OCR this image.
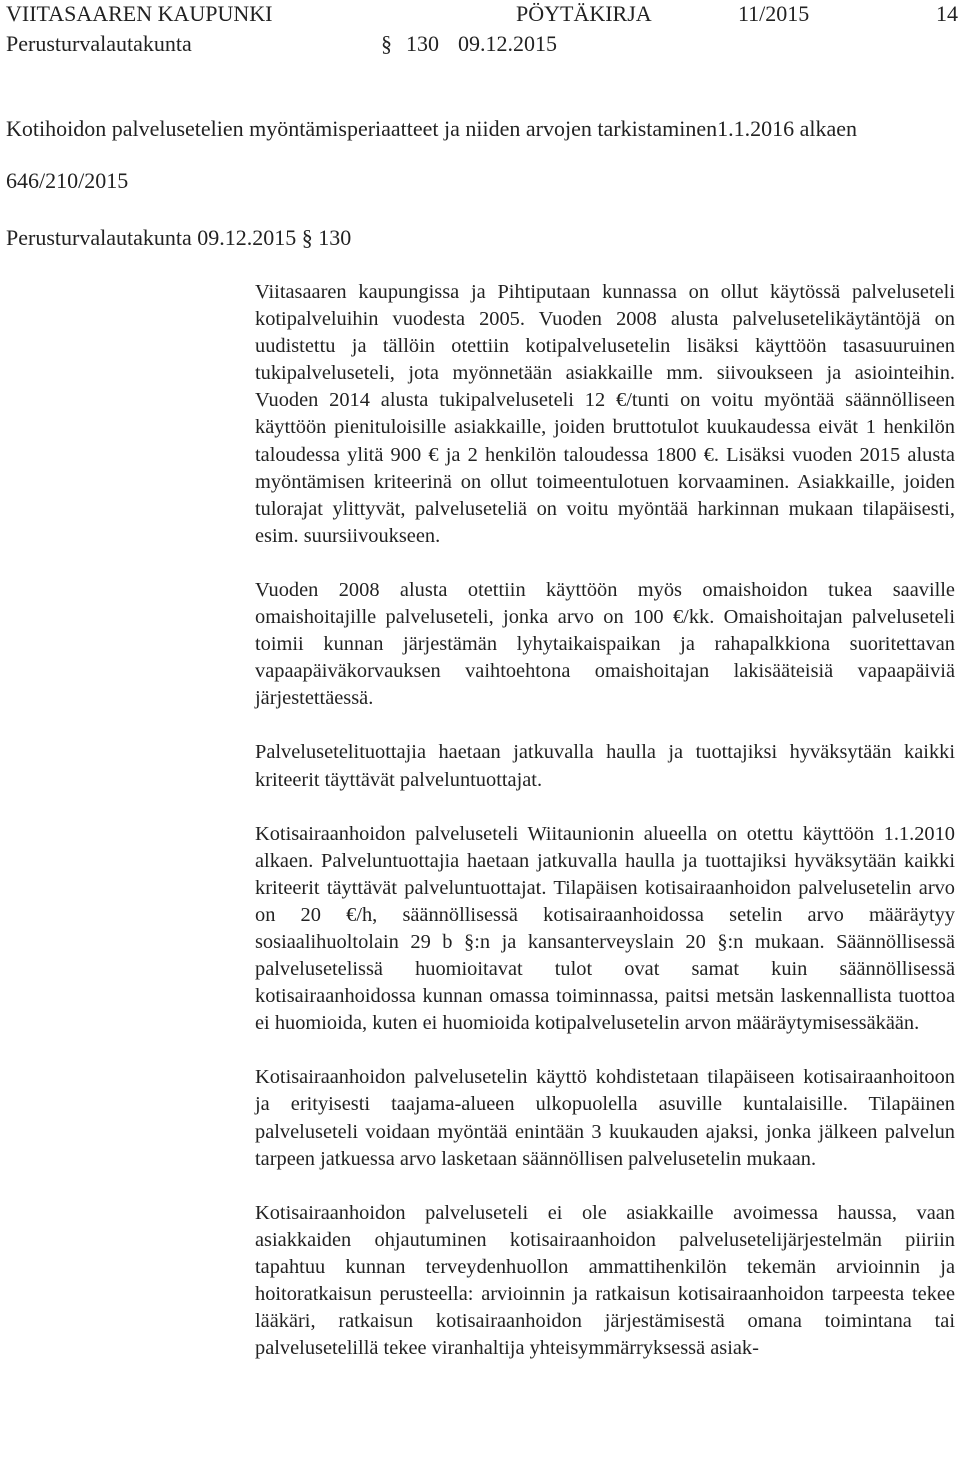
VIITASAAREN KAUPUNKI	PÖYTÄKIRJA	11/2015	14
Perusturvalautakunta	§ 130 09.12.2015
Kotihoidon palvelusetelien myöntämisperiaatteet ja niiden arvojen tarkistaminen1.1.2016 alkaen
646/210/2015
Perusturvalautakunta 09.12.2015 § 130

Viitasaaren kaupungissa ja Pihtiputaan kunnassa on ollut käytössä palveluseteli kotipalveluihin vuodesta 2005. Vuoden 2008 alusta palvelusetelikäytäntöjä on uudistettu ja tällöin otettiin kotipalvelusetelin lisäksi käyttöön tasasuuruinen tukipalveluseteli, jota myönnetään asiakkaille mm. siivoukseen ja asiointeihin. Vuoden 2014 alusta tukipalveluseteli 12 €/tunti on voitu myöntää säännölliseen käyttöön pienituloisille asiakkaille, joiden bruttotulot kuukaudessa eivät 1 henkilön taloudessa ylitä 900 € ja 2 henkilön taloudessa 1800 €. Lisäksi vuoden 2015 alusta myöntämisen kriteerinä on ollut toimeentulotuen korvaaminen. Asiakkaille, joiden tulorajat ylittyvät, palveluseteliä on voitu myöntää harkinnan mukaan tilapäisesti, esim. suursiivoukseen.

Vuoden 2008 alusta otettiin käyttöön myös omaishoidon tukea saaville omaishoitajille palveluseteli, jonka arvo on 100 €/kk. Omaishoitajan palveluseteli toimii kunnan järjestämän lyhytaikaispaikan ja rahapalkkiona suoritettavan vapaapäiväkorvauksen vaihtoehtona omaishoitajan lakisääteisiä vapaapäiviä järjestettäessä.

Palvelusetelituottajia haetaan jatkuvalla haulla ja tuottajiksi hyväksytään kaikki kriteerit täyttävät palveluntuottajat.

Kotisairaanhoidon palveluseteli Wiitaunionin alueella on otettu käyttöön 1.1.2010 alkaen. Palveluntuottajia haetaan jatkuvalla haulla ja tuottajiksi hyväksytään kaikki kriteerit täyttävät palveluntuottajat. Tilapäisen kotisairaanhoidon palvelusetelin arvo on 20 €/h, säännöllisessä kotisairaanhoidossa setelin arvo määräytyy sosiaalihuoltolain 29 b §:n ja kansanterveyslain 20 §:n mukaan. Säännöllisessä palvelusetelissä huomioitavat tulot ovat samat kuin säännöllisessä kotisairaanhoidossa kunnan omassa toiminnassa, paitsi metsän laskennallista tuottoa ei huomioida, kuten ei huomioida kotipalvelusetelin arvon määräytymisessäkään.

Kotisairaanhoidon palvelusetelin käyttö kohdistetaan tilapäiseen kotisairaanhoitoon ja erityisesti taajama-alueen ulkopuolella asuville kuntalaisille. Tilapäinen palveluseteli voidaan myöntää enintään 3 kuukauden ajaksi, jonka jälkeen palvelun tarpeen jatkuessa arvo lasketaan säännöllisen palvelusetelin mukaan.

Kotisairaanhoidon palveluseteli ei ole asiakkaille avoimessa haussa, vaan asiakkaiden ohjautuminen kotisairaanhoidon palvelusetelijärjestelmän piiriin tapahtuu kunnan terveydenhuollon ammattihenkilön tekemän arvioinnin ja hoitoratkaisun perusteella: arvioinnin ja ratkaisun kotisairaanhoidon tarpeesta tekee lääkäri, ratkaisun kotisairaanhoidon järjestämisestä omana toimintana tai palvelusetelillä tekee viranhaltija yhteisymmärryksessä asiak-
